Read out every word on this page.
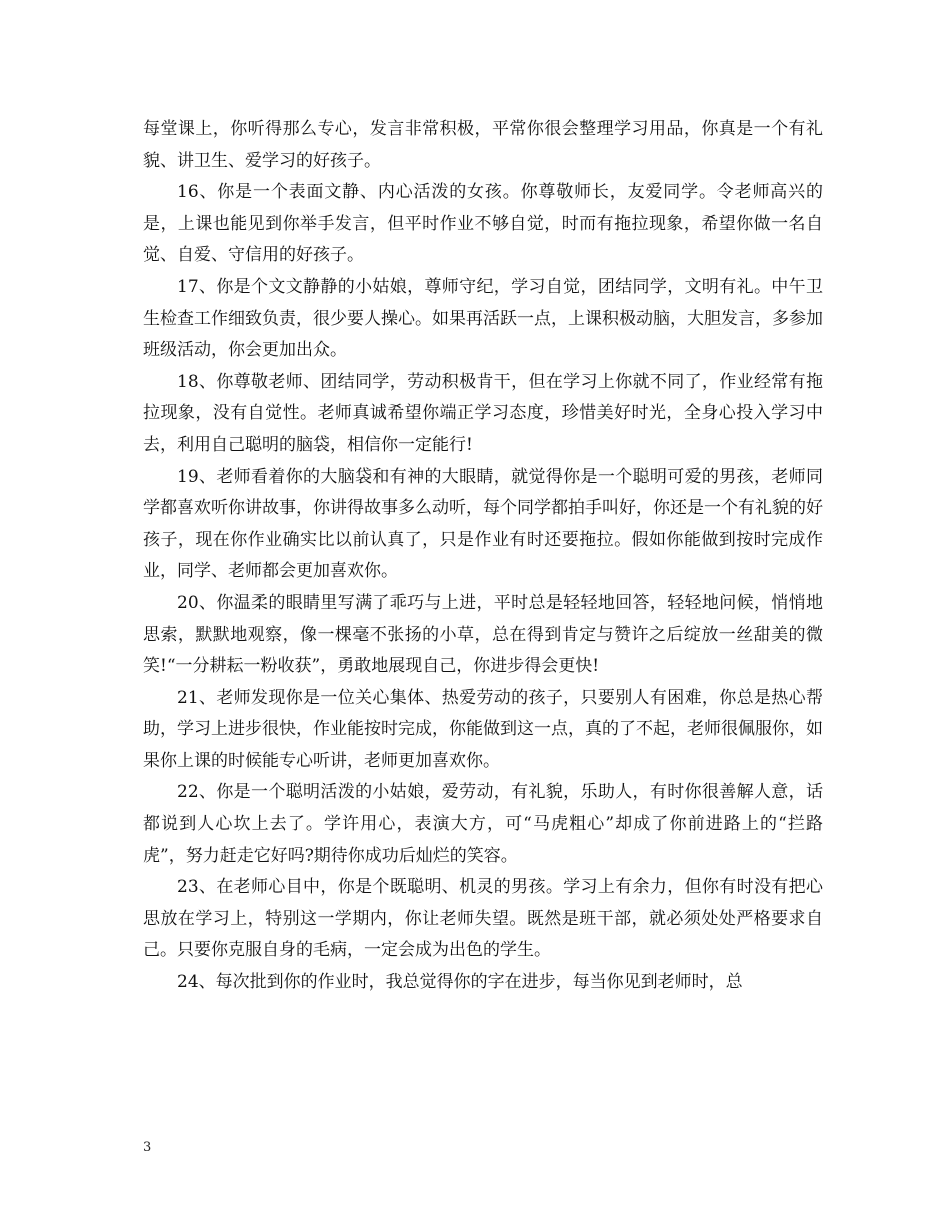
每堂课上，你听得那么专心，发言非常积极，平常你很会整理学习用品，你真是一个有礼貌、讲卫生、爱学习的好孩子。

16、你是一个表面文静、内心活泼的女孩。你尊敬师长，友爱同学。令老师高兴的是，上课也能见到你举手发言，但平时作业不够自觉，时而有拖拉现象，希望你做一名自觉、自爱、守信用的好孩子。

17、你是个文文静静的小姑娘，尊师守纪，学习自觉，团结同学，文明有礼。中午卫生检查工作细致负责，很少要人操心。如果再活跃一点，上课积极动脑，大胆发言，多参加班级活动，你会更加出众。

18、你尊敬老师、团结同学，劳动积极肯干，但在学习上你就不同了，作业经常有拖拉现象，没有自觉性。老师真诚希望你端正学习态度，珍惜美好时光，全身心投入学习中去，利用自己聪明的脑袋，相信你一定能行!

19、老师看着你的大脑袋和有神的大眼睛，就觉得你是一个聪明可爱的男孩，老师同学都喜欢听你讲故事，你讲得故事多么动听，每个同学都拍手叫好，你还是一个有礼貌的好孩子，现在你作业确实比以前认真了，只是作业有时还要拖拉。假如你能做到按时完成作业，同学、老师都会更加喜欢你。

20、你温柔的眼睛里写满了乖巧与上进，平时总是轻轻地回答，轻轻地问候，悄悄地思索，默默地观察，像一棵毫不张扬的小草，总在得到肯定与赞许之后绽放一丝甜美的微笑!“一分耕耘一粉收获”，勇敢地展现自己，你进步得会更快!

21、老师发现你是一位关心集体、热爱劳动的孩子，只要别人有困难，你总是热心帮助，学习上进步很快，作业能按时完成，你能做到这一点，真的了不起，老师很佩服你，如果你上课的时候能专心听讲，老师更加喜欢你。

22、你是一个聪明活泼的小姑娘，爱劳动，有礼貌，乐助人，有时你很善解人意，话都说到人心坎上去了。学许用心，表演大方，可“马虎粗心”却成了你前进路上的“拦路虎”，努力赶走它好吗?期待你成功后灿烂的笑容。

23、在老师心目中，你是个既聪明、机灵的男孩。学习上有余力，但你有时没有把心思放在学习上，特别这一学期内，你让老师失望。既然是班干部，就必须处处严格要求自己。只要你克服自身的毛病，一定会成为出色的学生。

24、每次批到你的作业时，我总觉得你的字在进步，每当你见到老师时，总

3
